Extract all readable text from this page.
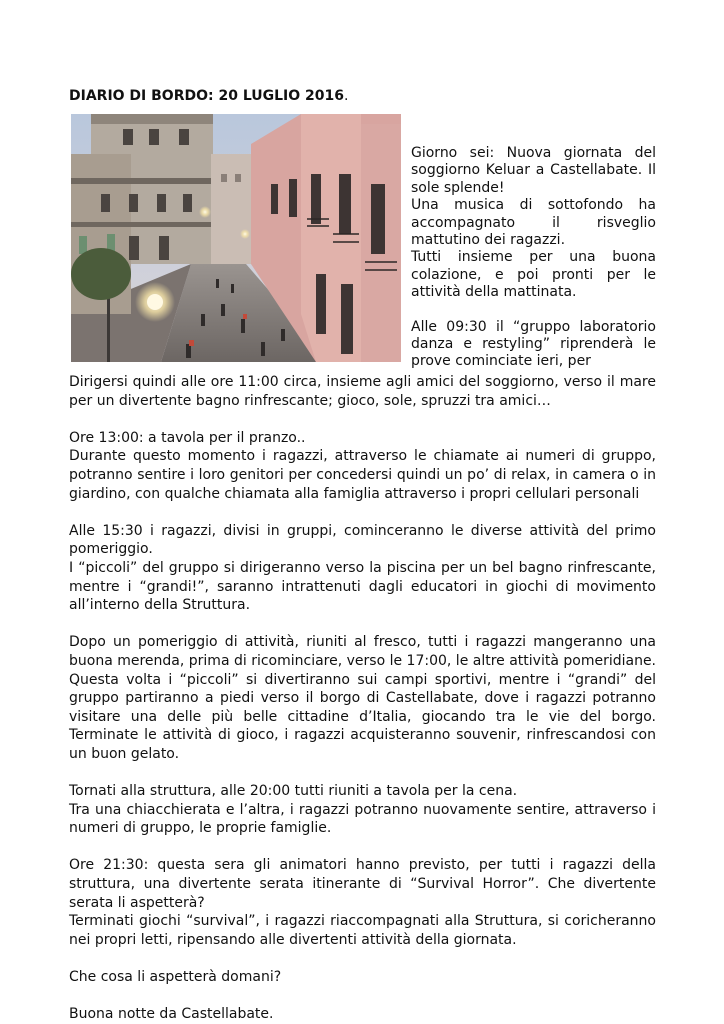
DIARIO DI BORDO: 20 LUGLIO 2016.

Giorno sei: Nuova giornata del soggiorno Keluar a Castellabate. Il sole splende!

Una musica di sottofondo ha accompagnato il risveglio mattutino dei ragazzi.

Tutti insieme per una buona colazione, e poi pronti per le attività della mattinata.

Alle 09:30 il “gruppo laboratorio danza e restyling” riprenderà le prove cominciate ieri, per

Dirigersi quindi alle ore 11:00 circa, insieme agli amici del soggiorno, verso il mare per un divertente bagno rinfrescante; gioco, sole, spruzzi tra amici…

Ore 13:00: a tavola per il pranzo..

Durante questo momento i ragazzi, attraverso le chiamate ai numeri di gruppo, potranno sentire i loro genitori per concedersi quindi un po’ di relax, in camera o in giardino, con qualche chiamata alla famiglia attraverso i propri cellulari personali

Alle 15:30 i ragazzi, divisi in gruppi, cominceranno le diverse attività del primo pomeriggio.

I “piccoli” del gruppo si dirigeranno verso la piscina per un bel bagno rinfrescante, mentre i “grandi!”, saranno intrattenuti dagli educatori in giochi di movimento all’interno della Struttura.

Dopo un pomeriggio di attività, riuniti al fresco, tutti i ragazzi mangeranno una buona merenda, prima di ricominciare, verso le 17:00, le altre attività pomeridiane. Questa volta i “piccoli” si divertiranno sui campi sportivi, mentre i “grandi” del gruppo partiranno a piedi verso il borgo di Castellabate, dove i ragazzi potranno visitare una delle più belle cittadine d’Italia, giocando tra le vie del borgo. Terminate le attività di gioco, i ragazzi acquisteranno souvenir, rinfrescandosi con un buon gelato.

Tornati alla struttura, alle 20:00 tutti riuniti a tavola per la cena.

Tra una chiacchierata e l’altra, i ragazzi potranno nuovamente sentire, attraverso i numeri di gruppo, le proprie famiglie.

Ore 21:30: questa sera gli animatori hanno previsto, per tutti i ragazzi della struttura, una divertente serata itinerante di “Survival Horror”. Che divertente serata li aspetterà?

Terminati giochi “survival”, i ragazzi riaccompagnati alla Struttura, si coricheranno nei propri letti, ripensando alle divertenti attività della giornata.

Che cosa li aspetterà domani?

Buona notte da Castellabate.
